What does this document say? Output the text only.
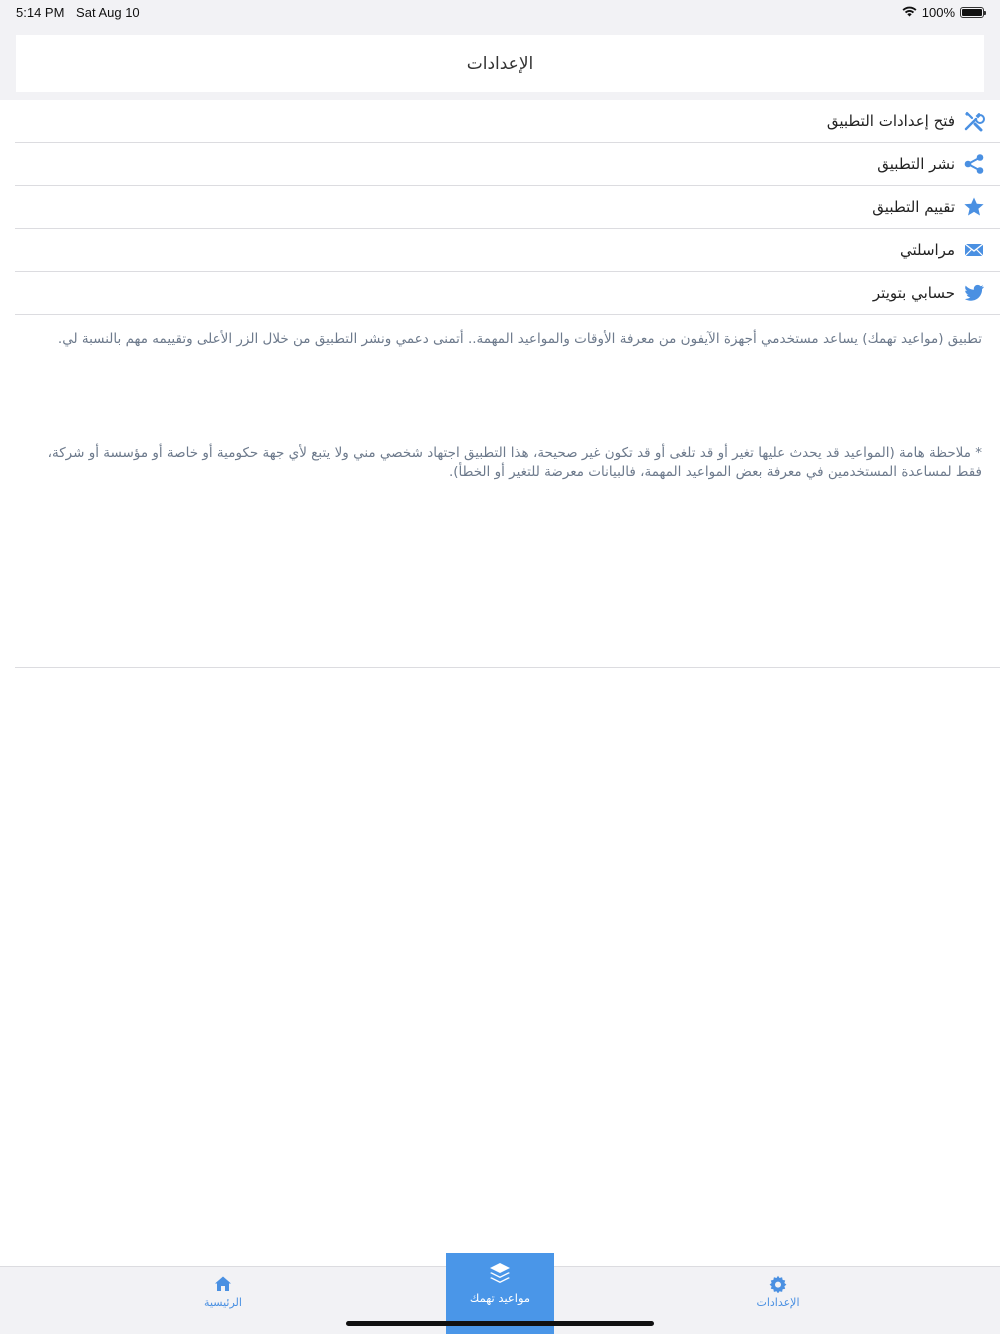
5:14 PM Sat Aug 10	100%
الإعدادات
فتح إعدادات التطبيق
نشر التطبيق
تقييم التطبيق
مراسلتي
حسابي بتويتر

تطبيق (مواعيد تهمك) يساعد مستخدمي أجهزة الآيفون من معرفة الأوقات والمواعيد المهمة.. أتمنى دعمي ونشر التطبيق من خلال الزر الأعلى وتقييمه مهم بالنسبة لي.

* ملاحظة هامة (المواعيد قد يحدث عليها تغير أو قد تلغى أو قد تكون غير صحيحة، هذا التطبيق اجتهاد شخصي مني ولا يتبع لأي جهة حكومية أو خاصة أو مؤسسة أو شركة، فقط لمساعدة المستخدمين في معرفة بعض المواعيد المهمة، فالبيانات معرضة للتغير أو الخطأ).

الرئيسية	الإعدادات
مواعيد تهمك
